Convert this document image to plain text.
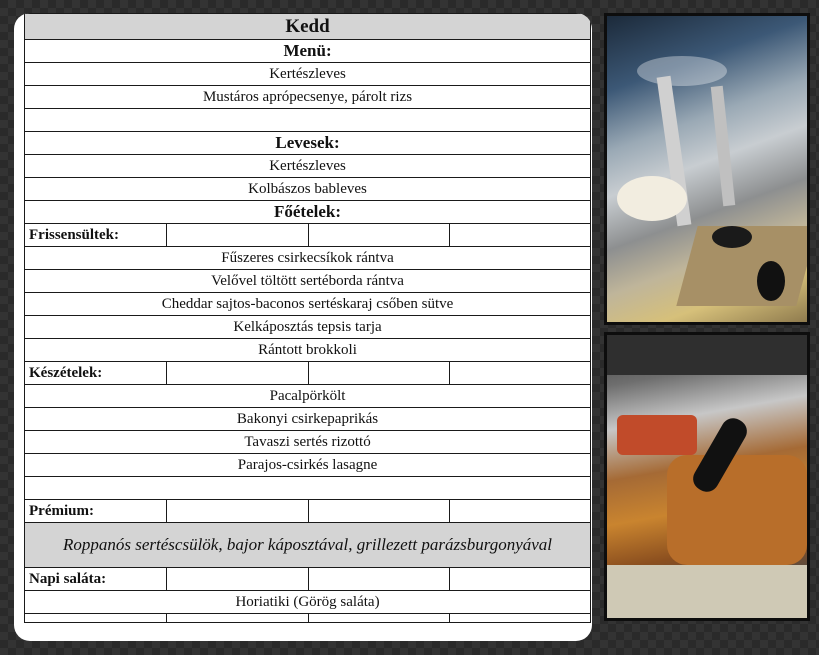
Kedd			
Menü:			
Kertészleves			
Mustáros aprópecsenye, párolt rizs			

Levesek:			
Kertészleves			
Kolbászos bableves			
Főételek:			
Frissensültek:			
Fűszeres csirkecsíkok rántva			
Velővel töltött sertéborda rántva			
Cheddar sajtos-baconos sertéskaraj csőben sütve			
Kelkáposztás tepsis tarja			
Rántott brokkoli			
Készételek:			
Pacalpörkölt			
Bakonyi csirkepaprikás			
Tavaszi sertés rizottó			
Parajos-csirkés lasagne			

Prémium:			
Roppanós sertéscsülök, bajor káposztával, grillezett parázsburgonyával			
Napi saláta:			
Horiatiki (Görög saláta)			
